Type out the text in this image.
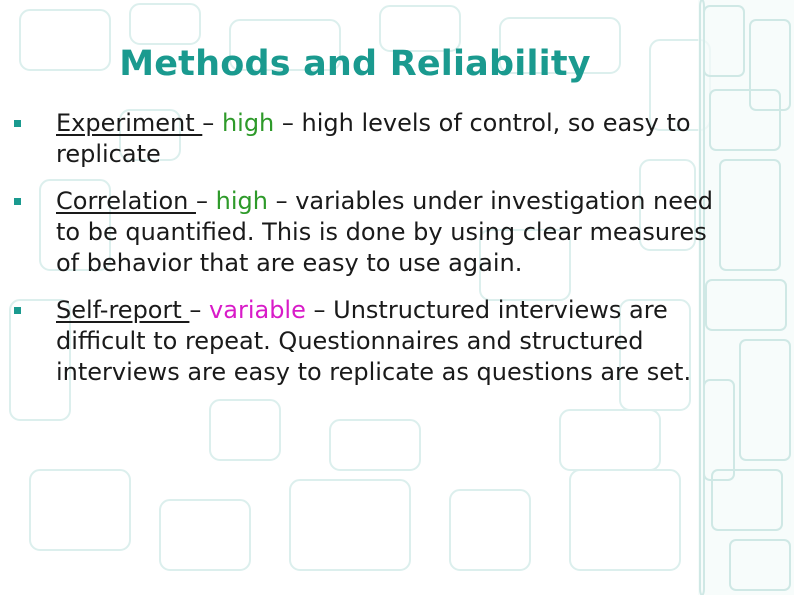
Methods and Reliability
Experiment – high – high levels of control, so easy to replicate
Correlation – high – variables under investigation need to be quantified. This is done by using clear measures of behavior that are easy to use again.
Self-report – variable – Unstructured interviews are difficult to repeat. Questionnaires and structured interviews are easy to replicate as questions are set.
